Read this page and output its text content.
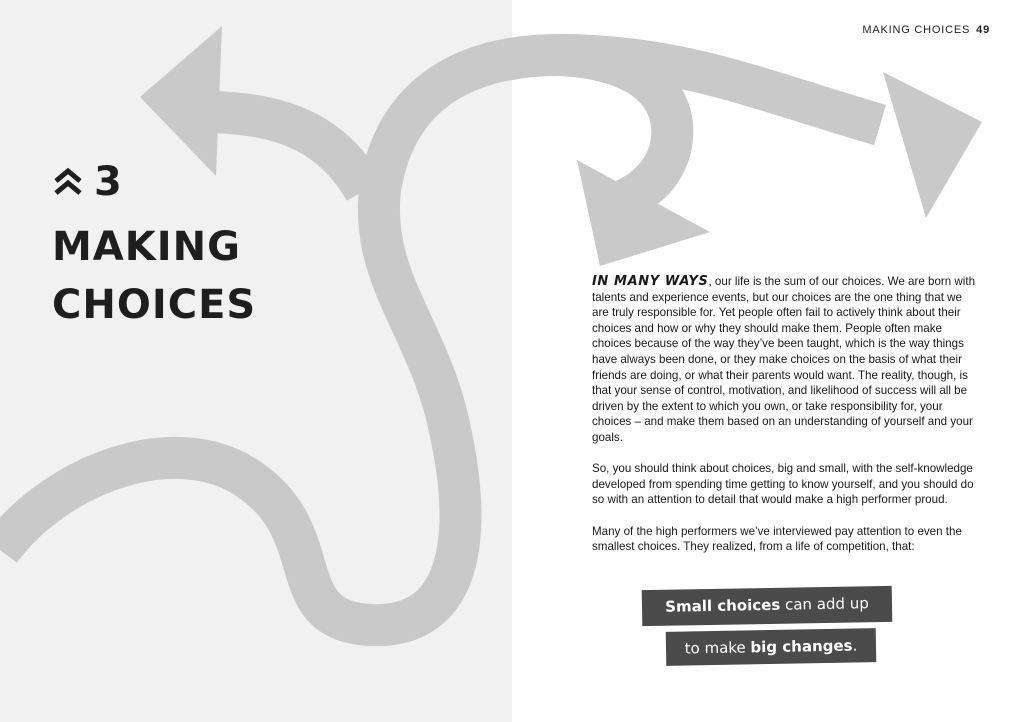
MAKING CHOICES 49
3
MAKING
CHOICES

IN MANY WAYS, our life is the sum of our choices. We are born with talents and experience events, but our choices are the one thing that we are truly responsible for. Yet people often fail to actively think about their choices and how or why they should make them. People often make choices because of the way they’ve been taught, which is the way things have always been done, or they make choices on the basis of what their friends are doing, or what their parents would want. The reality, though, is that your sense of control, motivation, and likelihood of success will all be driven by the extent to which you own, or take responsibility for, your choices – and make them based on an understanding of yourself and your goals.

So, you should think about choices, big and small, with the self-knowledge developed from spending time getting to know yourself, and you should do so with an attention to detail that would make a high performer proud.

Many of the high performers we’ve interviewed pay attention to even the smallest choices. They realized, from a life of competition, that:

Small choices can add up
to make big changes.
